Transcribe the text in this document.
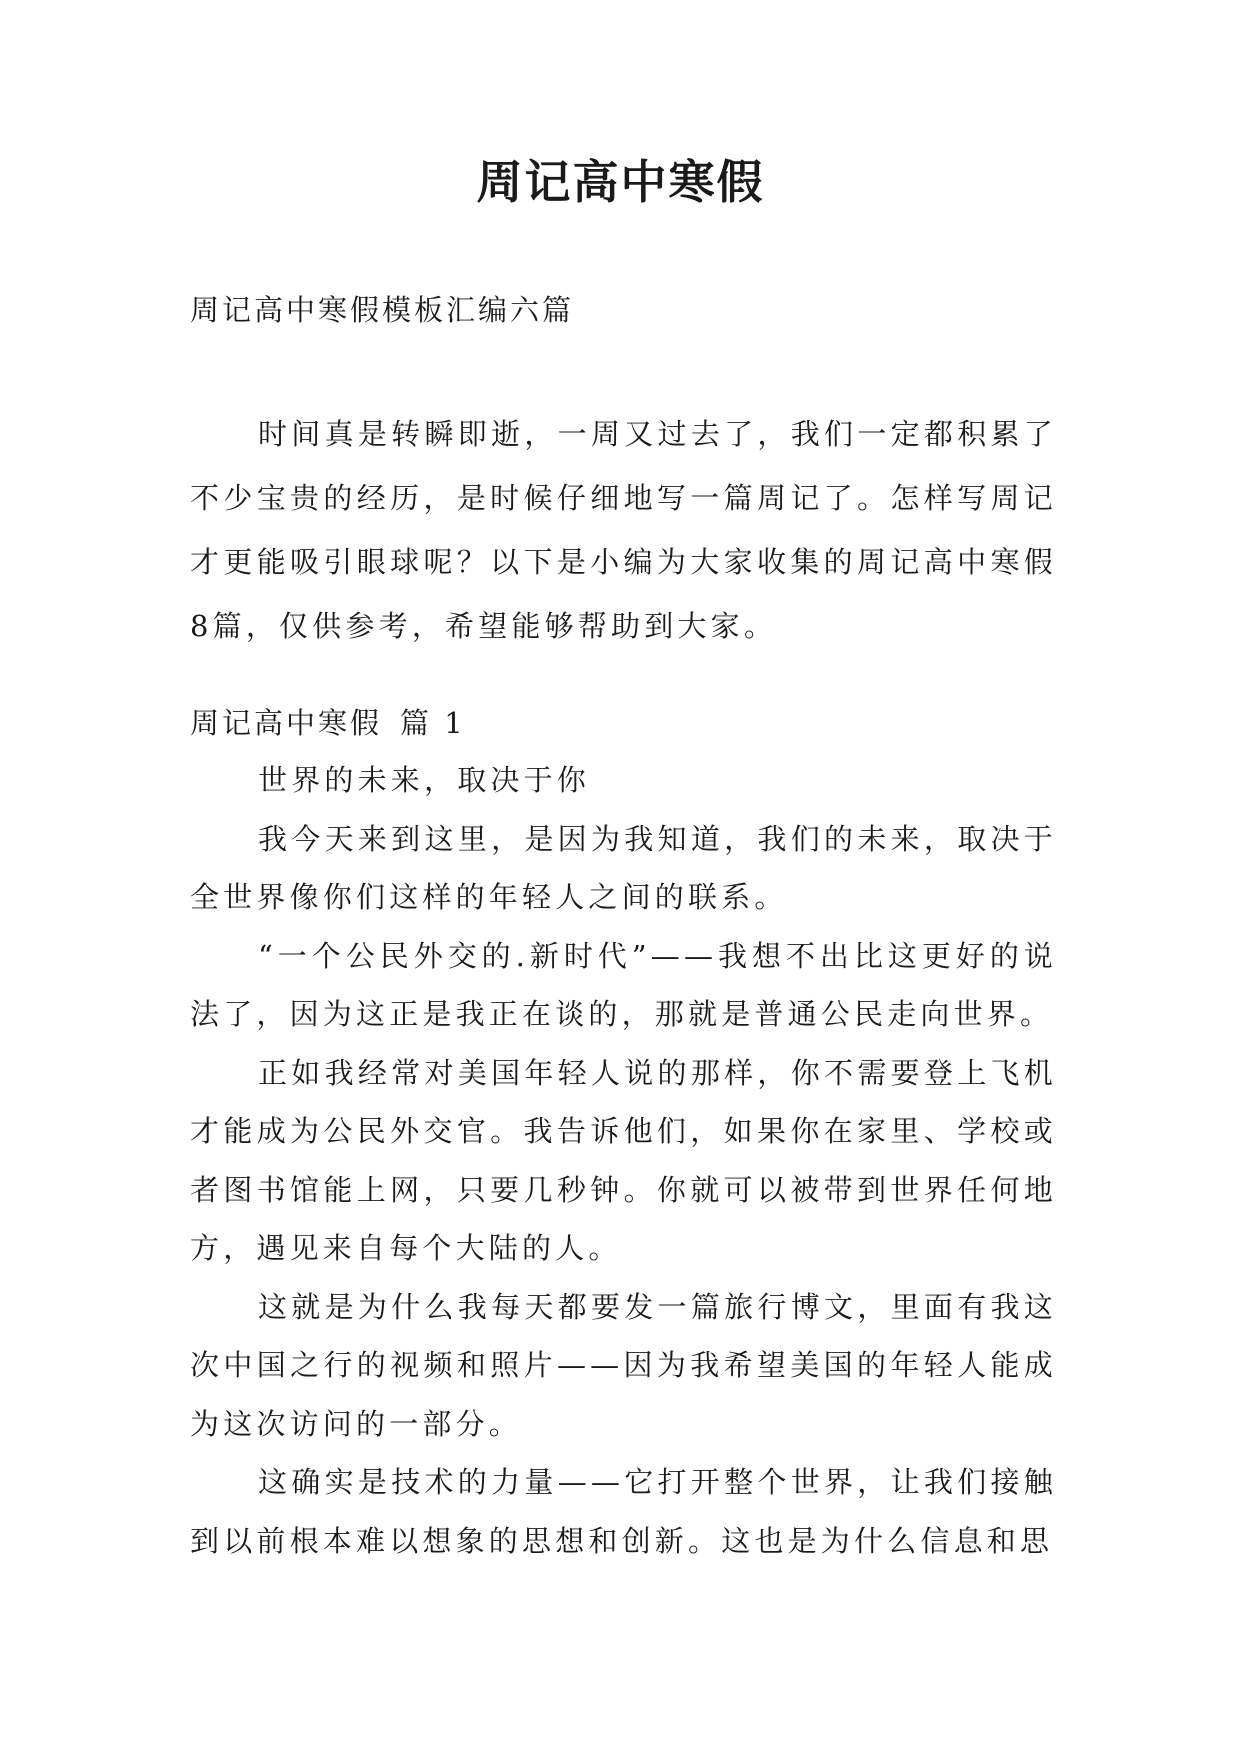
周记高中寒假
周记高中寒假模板汇编六篇

时间真是转瞬即逝，一周又过去了，我们一定都积累了不少宝贵的经历，是时候仔细地写一篇周记了。怎样写周记才更能吸引眼球呢？以下是小编为大家收集的周记高中寒假8篇，仅供参考，希望能够帮助到大家。

周记高中寒假 篇 1

世界的未来，取决于你

我今天来到这里，是因为我知道，我们的未来，取决于全世界像你们这样的年轻人之间的联系。

“一个公民外交的.新时代”——我想不出比这更好的说法了，因为这正是我正在谈的，那就是普通公民走向世界。

正如我经常对美国年轻人说的那样，你不需要登上飞机才能成为公民外交官。我告诉他们，如果你在家里、学校或者图书馆能上网，只要几秒钟。你就可以被带到世界任何地方，遇见来自每个大陆的人。

这就是为什么我每天都要发一篇旅行博文，里面有我这次中国之行的视频和照片——因为我希望美国的年轻人能成为这次访问的一部分。

这确实是技术的力量——它打开整个世界，让我们接触到以前根本难以想象的思想和创新。这也是为什么信息和思
